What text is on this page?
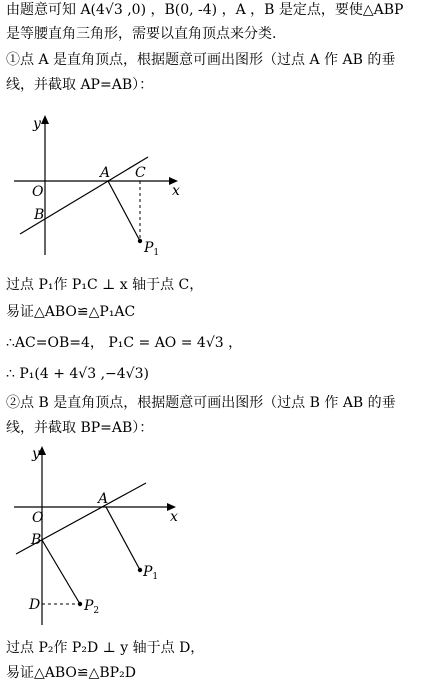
由题意可知 A(4√3 ,0) ，B(0, -4) ，A ，B 是定点，要使△ABP
是等腰直角三角形，需要以直角顶点来分类.
①点 A 是直角顶点，根据题意可画出图形（过点 A 作 AB 的垂
线，并截取 AP=AB）：
y
O	x
A C
B
$P_1$
过点 P₁作 P₁C ⊥ x 轴于点 C，
易证△ABO≌△P₁AC
∴AC=OB=4， P₁C = AO = 4√3 ，
∴ P₁(4 + 4√3 ,−4√3)
②点 B 是直角顶点，根据题意可画出图形（过点 B 作 AB 的垂
线，并截取 BP=AB）：
y
O	x
A
B
D
$P_1$
$P_2$
过点 P₂作 P₂D ⊥ y 轴于点 D，
易证△ABO≌△BP₂D
